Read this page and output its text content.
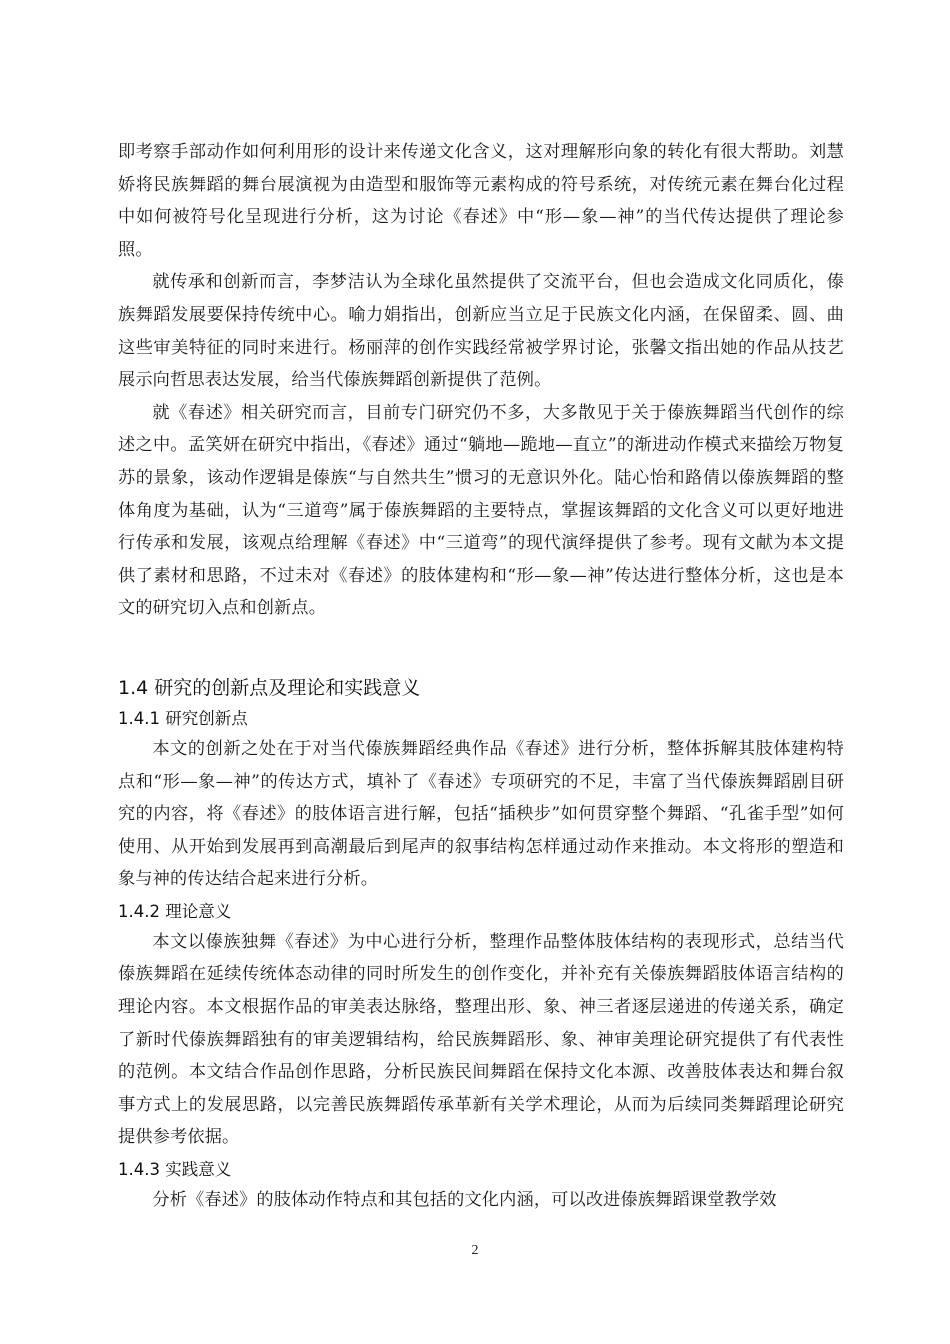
即考察手部动作如何利用形的设计来传递文化含义，这对理解形向象的转化有很大帮助。刘慧娇将民族舞蹈的舞台展演视为由造型和服饰等元素构成的符号系统，对传统元素在舞台化过程中如何被符号化呈现进行分析，这为讨论《春述》中“形—象—神”的当代传达提供了理论参照。

就传承和创新而言，李梦洁认为全球化虽然提供了交流平台，但也会造成文化同质化，傣族舞蹈发展要保持传统中心。喻力娟指出，创新应当立足于民族文化内涵，在保留柔、圆、曲这些审美特征的同时来进行。杨丽萍的创作实践经常被学界讨论，张馨文指出她的作品从技艺展示向哲思表达发展，给当代傣族舞蹈创新提供了范例。

就《春述》相关研究而言，目前专门研究仍不多，大多散见于关于傣族舞蹈当代创作的综述之中。孟笑妍在研究中指出，《春述》通过“躺地—跪地—直立”的渐进动作模式来描绘万物复苏的景象，该动作逻辑是傣族“与自然共生”惯习的无意识外化。陆心怡和路倩以傣族舞蹈的整体角度为基础，认为“三道弯”属于傣族舞蹈的主要特点，掌握该舞蹈的文化含义可以更好地进行传承和发展，该观点给理解《春述》中“三道弯”的现代演绎提供了参考。现有文献为本文提供了素材和思路，不过未对《春述》的肢体建构和“形—象—神”传达进行整体分析，这也是本文的研究切入点和创新点。

1.4 研究的创新点及理论和实践意义
1.4.1 研究创新点

本文的创新之处在于对当代傣族舞蹈经典作品《春述》进行分析，整体拆解其肢体建构特点和“形—象—神”的传达方式，填补了《春述》专项研究的不足，丰富了当代傣族舞蹈剧目研究的内容，将《春述》的肢体语言进行解，包括“插秧步”如何贯穿整个舞蹈、“孔雀手型”如何使用、从开始到发展再到高潮最后到尾声的叙事结构怎样通过动作来推动。本文将形的塑造和象与神的传达结合起来进行分析。

1.4.2 理论意义

本文以傣族独舞《春述》为中心进行分析，整理作品整体肢体结构的表现形式，总结当代傣族舞蹈在延续传统体态动律的同时所发生的创作变化，并补充有关傣族舞蹈肢体语言结构的理论内容。本文根据作品的审美表达脉络，整理出形、象、神三者逐层递进的传递关系，确定了新时代傣族舞蹈独有的审美逻辑结构，给民族舞蹈形、象、神审美理论研究提供了有代表性的范例。本文结合作品创作思路，分析民族民间舞蹈在保持文化本源、改善肢体表达和舞台叙事方式上的发展思路，以完善民族舞蹈传承革新有关学术理论，从而为后续同类舞蹈理论研究提供参考依据。

1.4.3 实践意义

分析《春述》的肢体动作特点和其包括的文化内涵，可以改进傣族舞蹈课堂教学效

2
